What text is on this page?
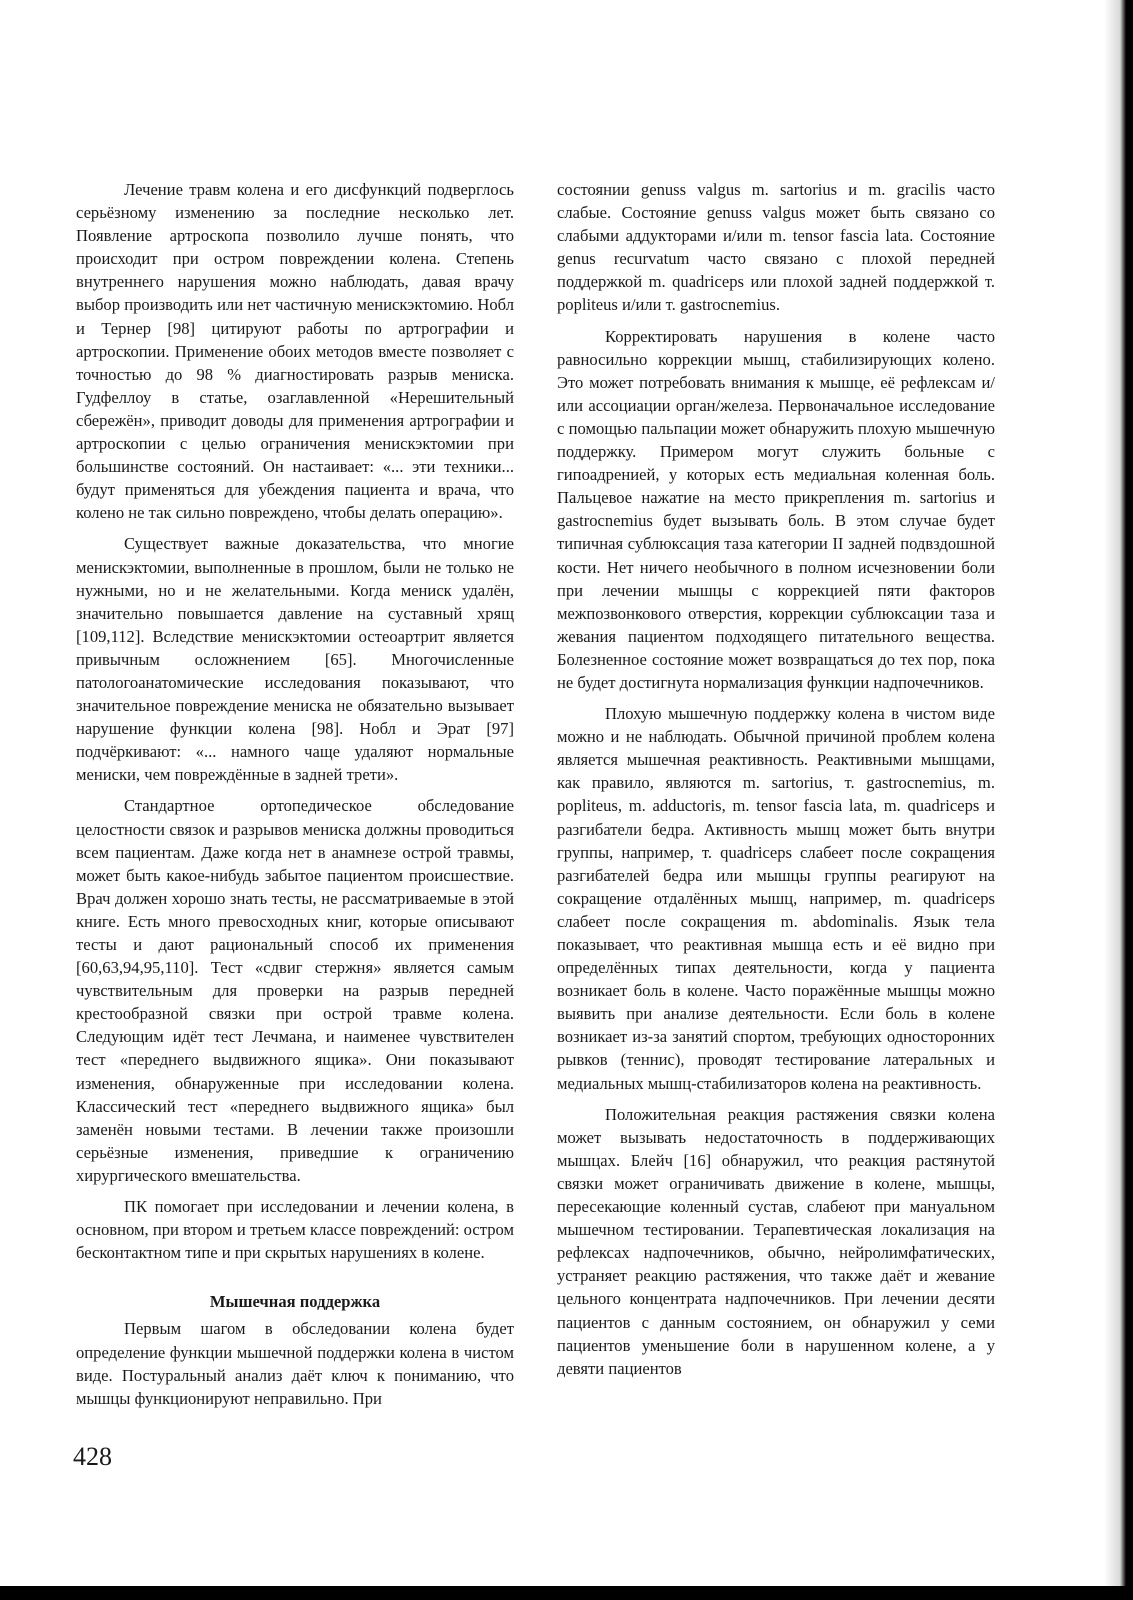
Лечение травм колена и его дисфункций подверглось серьёзному изменению за последние несколько лет. Появление артроскопа позволило лучше понять, что происходит при остром повреждении колена. Степень внутреннего нарушения можно наблюдать, давая врачу выбор производить или нет частичную менискэктомию. Нобл и Тернер [98] цитируют работы по артрографии и артроскопии. Применение обоих методов вместе позволяет с точностью до 98 % диагностировать разрыв мениска. Гудфеллоу в статье, озаглавленной «Нерешительный сбережён», приводит доводы для применения артрографии и артроскопии с целью ограничения менискэктомии при большинстве состояний. Он настаивает: «... эти техники... будут применяться для убеждения пациента и врача, что колено не так сильно повреждено, чтобы делать операцию».

Существует важные доказательства, что многие менискэктомии, выполненные в прошлом, были не только не нужными, но и не желательными. Когда мениск удалён, значительно повышается давление на суставный хрящ [109,112]. Вследствие менискэктомии остеоартрит является привычным осложнением [65]. Многочисленные патологоанатомические исследования показывают, что значительное повреждение мениска не обязательно вызывает нарушение функции колена [98]. Нобл и Эрат [97] подчёркивают: «... намного чаще удаляют нормальные мениски, чем повреждённые в задней трети».

Стандартное ортопедическое обследование целостности связок и разрывов мениска должны проводиться всем пациентам. Даже когда нет в анамнезе острой травмы, может быть какое-нибудь забытое пациентом происшествие. Врач должен хорошо знать тесты, не рассматриваемые в этой книге. Есть много превосходных книг, которые описывают тесты и дают рациональный способ их применения [60,63,94,95,110]. Тест «сдвиг стержня» является самым чувствительным для проверки на разрыв передней крестообразной связки при острой травме колена. Следующим идёт тест Лечмана, и наименее чувствителен тест «переднего выдвижного ящика». Они показывают изменения, обнаруженные при исследовании колена. Классический тест «переднего выдвижного ящика» был заменён новыми тестами. В лечении также произошли серьёзные изменения, приведшие к ограничению хирургического вмешательства.

ПК помогает при исследовании и лечении колена, в основном, при втором и третьем классе повреждений: остром бесконтактном типе и при скрытых нарушениях в колене.

Мышечная поддержка

Первым шагом в обследовании колена будет определение функции мышечной поддержки колена в чистом виде. Постуральный анализ даёт ключ к пониманию, что мышцы функционируют неправильно. При

состоянии genuss valgus m. sartorius и m. gracilis часто слабые. Состояние genuss valgus может быть связано со слабыми аддукторами и/или m. tensor fascia lata. Состояние genus recurvatum часто связано с плохой передней поддержкой m. quadriceps или плохой задней поддержкой т. popliteus и/или т. gastrocnemius.

Корректировать нарушения в колене часто равносильно коррекции мышц, стабилизирующих колено. Это может потребовать внимания к мышце, её рефлексам и/или ассоциации орган/железа. Первоначальное исследование с помощью пальпации может обнаружить плохую мышечную поддержку. Примером могут служить больные с гипоадренией, у которых есть медиальная коленная боль. Пальцевое нажатие на место прикрепления m. sartorius и gastrocnemius будет вызывать боль. В этом случае будет типичная сублюксация таза категории II задней подвздошной кости. Нет ничего необычного в полном исчезновении боли при лечении мышцы с коррекцией пяти факторов межпозвонкового отверстия, коррекции сублюксации таза и жевания пациентом подходящего питательного вещества. Болезненное состояние может возвращаться до тех пор, пока не будет достигнута нормализация функции надпочечников.

Плохую мышечную поддержку колена в чистом виде можно и не наблюдать. Обычной причиной проблем колена является мышечная реактивность. Реактивными мышцами, как правило, являются m. sartorius, т. gastrocnemius, m. popliteus, m. adductoris, m. tensor fascia lata, m. quadriceps и разгибатели бедра. Активность мышц может быть внутри группы, например, т. quadriceps слабеет после сокращения разгибателей бедра или мышцы группы реагируют на сокращение отдалённых мышц, например, m. quadriceps слабеет после сокращения m. abdominalis. Язык тела показывает, что реактивная мышца есть и её видно при определённых типах деятельности, когда у пациента возникает боль в колене. Часто поражённые мышцы можно выявить при анализе деятельности. Если боль в колене возникает из-за занятий спортом, требующих односторонних рывков (теннис), проводят тестирование латеральных и медиальных мышц-стабилизаторов колена на реактивность.

Положительная реакция растяжения связки колена может вызывать недостаточность в поддерживающих мышцах. Блейч [16] обнаружил, что реакция растянутой связки может ограничивать движение в колене, мышцы, пересекающие коленный сустав, слабеют при мануальном мышечном тестировании. Терапевтическая локализация на рефлексах надпочечников, обычно, нейролимфатических, устраняет реакцию растяжения, что также даёт и жевание цельного концентрата надпочечников. При лечении десяти пациентов с данным состоянием, он обнаружил у семи пациентов уменьшение боли в нарушенном колене, а у девяти пациентов

428
